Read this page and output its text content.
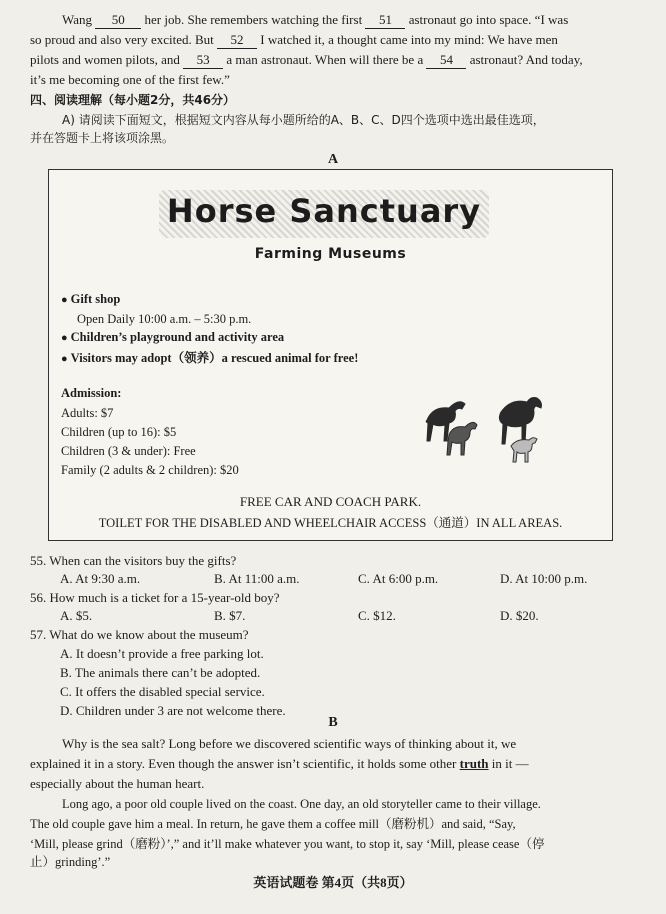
Wang 50 her job. She remembers watching the first 51 astronaut go into space. “I was
so proud and also very excited. But 52 I watched it, a thought came into my mind: We have men
pilots and women pilots, and 53 a man astronaut. When will there be a 54 astronaut? And today,
it’s me becoming one of the first few.”
四、阅读理解（每小题2分，共46分）
A) 请阅读下面短文，根据短文内容从每小题所给的A、B、C、D四个选项中选出最佳选项，
并在答题卡上将该项涂黑。
A
Horse Sanctuary
Farming Museums
● Gift shop
Open Daily 10:00 a.m. – 5:30 p.m.
● Children’s playground and activity area
● Visitors may adopt（领养）a rescued animal for free!
Admission:
Adults: $7
Children (up to 16): $5
Children (3 & under): Free
Family (2 adults & 2 children): $20
FREE CAR AND COACH PARK.
TOILET FOR THE DISABLED AND WHEELCHAIR ACCESS（通道）IN ALL AREAS.
55. When can the visitors buy the gifts?
A. At 9:30 a.m.	B. At 11:00 a.m.	C. At 6:00 p.m.	D. At 10:00 p.m.
56. How much is a ticket for a 15-year-old boy?
A. $5.	B. $7.	C. $12.	D. $20.
57. What do we know about the museum?
A. It doesn’t provide a free parking lot.
B. The animals there can’t be adopted.
C. It offers the disabled special service.
D. Children under 3 are not welcome there.
B
Why is the sea salt? Long before we discovered scientific ways of thinking about it, we
explained it in a story. Even though the answer isn’t scientific, it holds some other truth in it —
especially about the human heart.
Long ago, a poor old couple lived on the coast. One day, an old storyteller came to their village.
The old couple gave him a meal. In return, he gave them a coffee mill（磨粉机）and said, “Say,
‘Mill, please grind（磨粉）’,” and it’ll make whatever you want, to stop it, say ‘Mill, please cease（停
止）grinding’.”
英语试题卷 第4页（共8页）
